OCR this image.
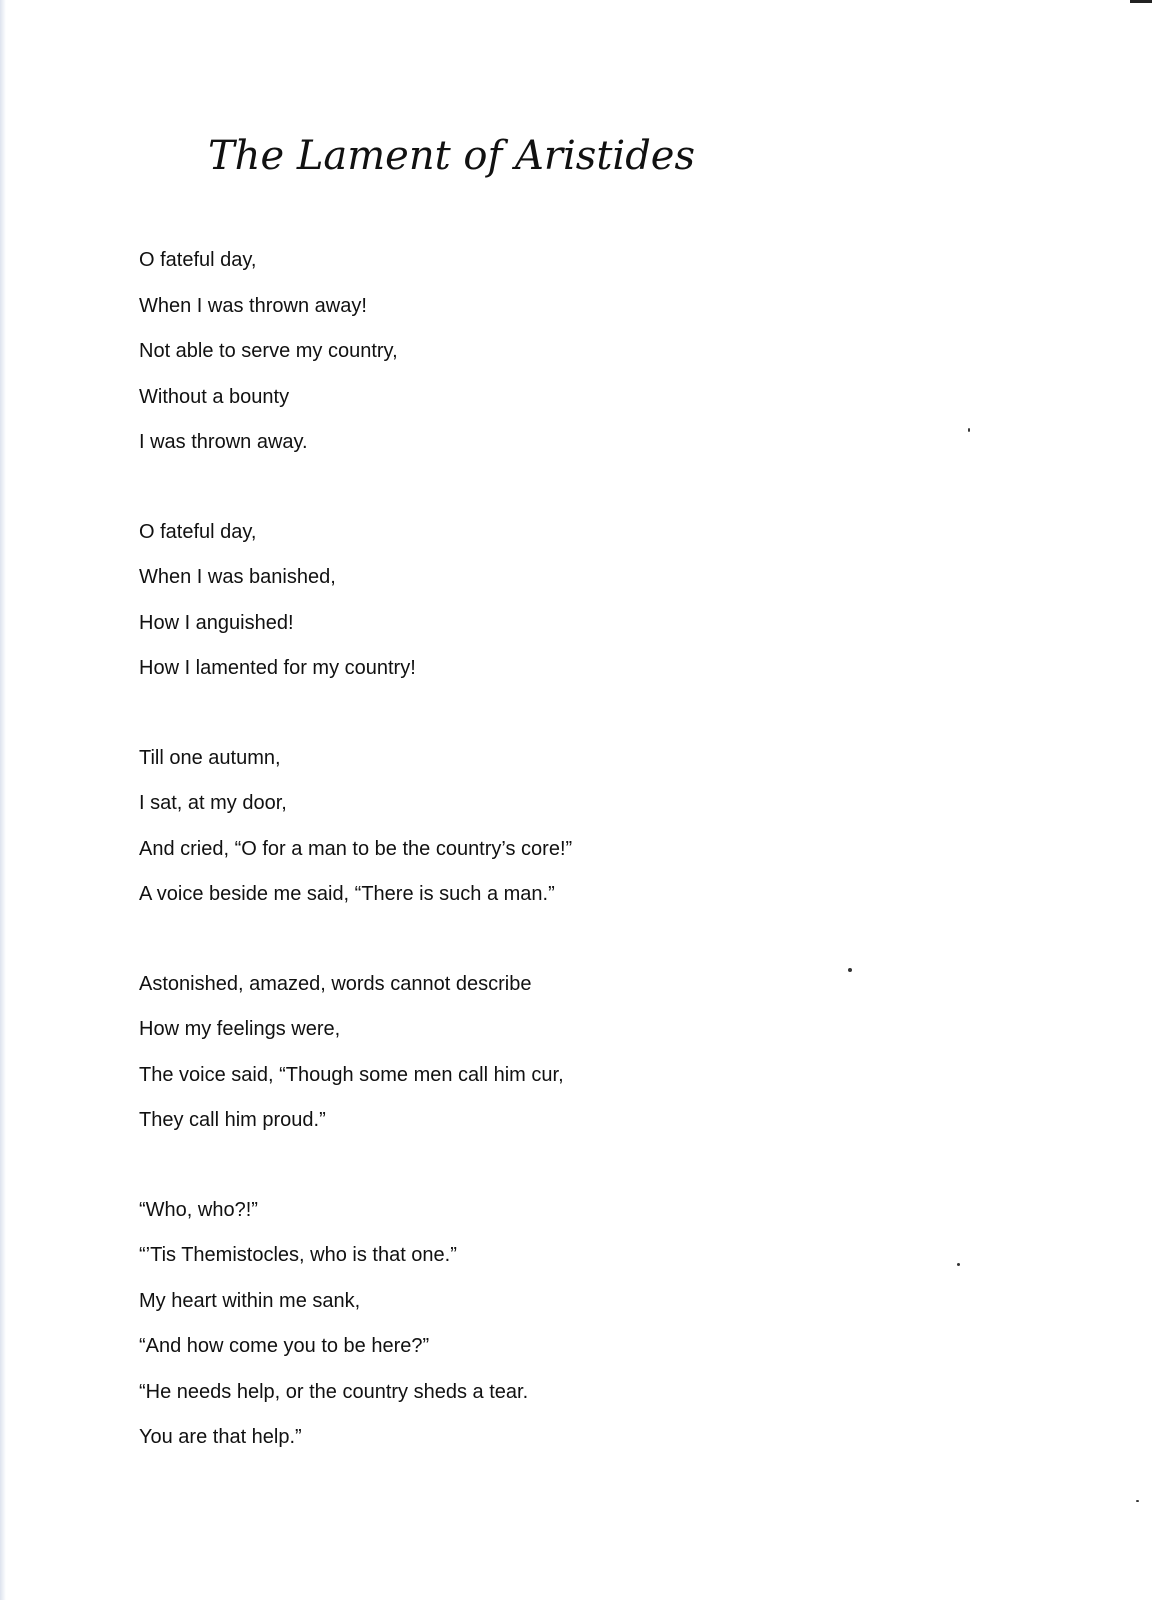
The Lament of Aristides
O fateful day,
When I was thrown away!
Not able to serve my country,
Without a bounty
I was thrown away.
O fateful day,
When I was banished,
How I anguished!
How I lamented for my country!
Till one autumn,
I sat, at my door,
And cried, “O for a man to be the country’s core!”
A voice beside me said, “There is such a man.”
Astonished, amazed, words cannot describe
How my feelings were,
The voice said, “Though some men call him cur,
They call him proud.”
“Who, who?!”
“’Tis Themistocles, who is that one.”
My heart within me sank,
“And how come you to be here?”
“He needs help, or the country sheds a tear.
You are that help.”
